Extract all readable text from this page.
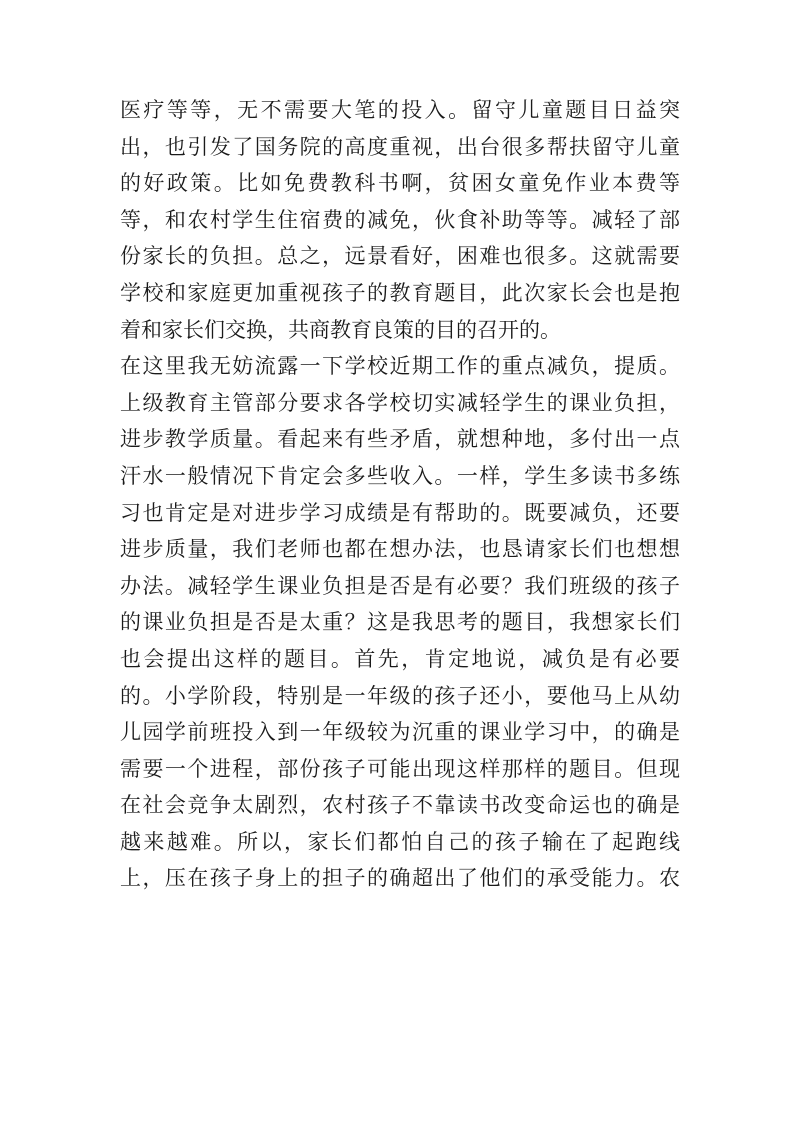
医疗等等，无不需要大笔的投入。留守儿童题目日益突
出，也引发了国务院的高度重视，出台很多帮扶留守儿童
的好政策。比如免费教科书啊，贫困女童免作业本费等
等，和农村学生住宿费的减免，伙食补助等等。减轻了部
份家长的负担。总之，远景看好，困难也很多。这就需要
学校和家庭更加重视孩子的教育题目，此次家长会也是抱
着和家长们交换，共商教育良策的目的召开的。
在这里我无妨流露一下学校近期工作的重点减负，提质。
上级教育主管部分要求各学校切实减轻学生的课业负担，
进步教学质量。看起来有些矛盾，就想种地，多付出一点
汗水一般情况下肯定会多些收入。一样，学生多读书多练
习也肯定是对进步学习成绩是有帮助的。既要减负，还要
进步质量，我们老师也都在想办法，也恳请家长们也想想
办法。减轻学生课业负担是否是有必要？我们班级的孩子
的课业负担是否是太重？这是我思考的题目，我想家长们
也会提出这样的题目。首先，肯定地说，减负是有必要
的。小学阶段，特别是一年级的孩子还小，要他马上从幼
儿园学前班投入到一年级较为沉重的课业学习中，的确是
需要一个进程，部份孩子可能出现这样那样的题目。但现
在社会竞争太剧烈，农村孩子不靠读书改变命运也的确是
越来越难。所以，家长们都怕自己的孩子输在了起跑线
上，压在孩子身上的担子的确超出了他们的承受能力。农
